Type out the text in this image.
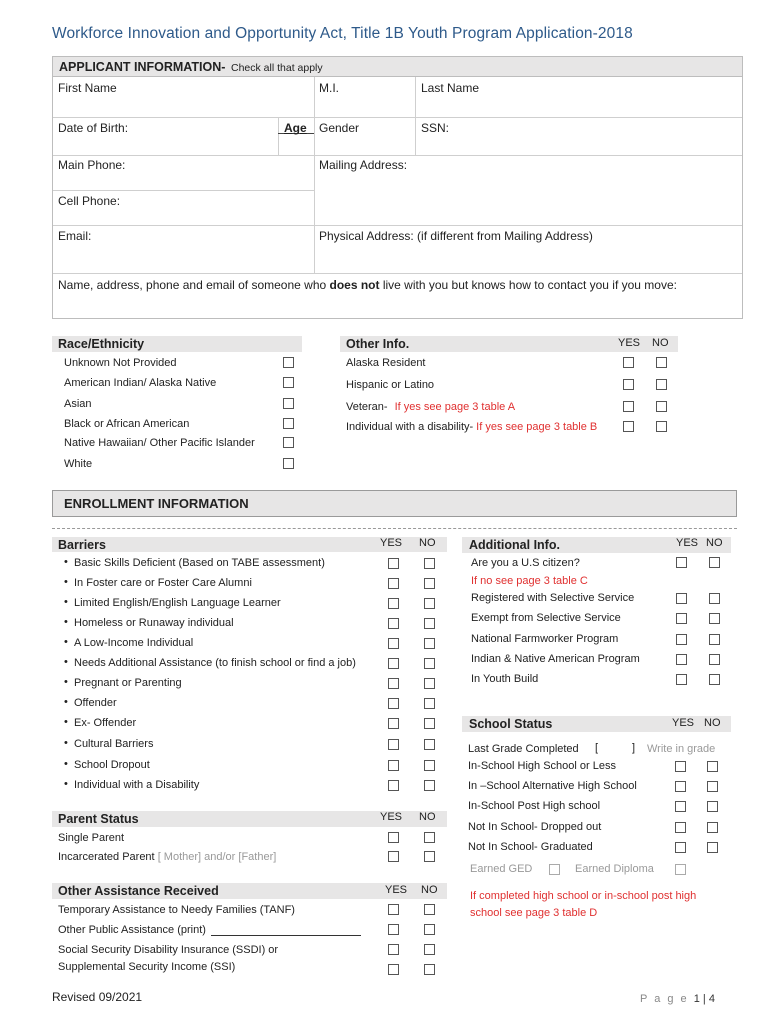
Workforce Innovation and Opportunity Act, Title 1B Youth Program Application-2018
APPLICANT INFORMATION- Check all that apply
First Name	M.I.	Last Name
Date of Birth:	Age Gender	SSN:
Main Phone:	Mailing Address:
Cell Phone:
Email:	Physical Address: (if different from Mailing Address)
Name, address, phone and email of someone who does not live with you but knows how to contact you if you move:
Race/Ethnicity
Unknown Not Provided
American Indian/ Alaska Native
Asian
Black or African American
Native Hawaiian/ Other Pacific Islander
White
Other Info.	YES NO
Alaska Resident
Hispanic or Latino
Veteran- If yes see page 3 table A
Individual with a disability- If yes see page 3 table B
ENROLLMENT INFORMATION
Barriers	YES NO
• Basic Skills Deficient (Based on TABE assessment)
• In Foster care or Foster Care Alumni
• Limited English/English Language Learner
• Homeless or Runaway individual
• A Low-Income Individual
• Needs Additional Assistance (to finish school or find a job)
• Pregnant or Parenting
• Offender
• Ex- Offender
• Cultural Barriers
• School Dropout
• Individual with a Disability
Parent Status	YES NO
Single Parent
Incarcerated Parent [ Mother] and/or [Father]
Other Assistance Received	YES NO
Temporary Assistance to Needy Families (TANF)
Other Public Assistance (print)
Social Security Disability Insurance (SSDI) or
Supplemental Security Income (SSI)
Additional Info.	YES NO
Are you a U.S citizen?
If no see page 3 table C
Registered with Selective Service
Exempt from Selective Service
National Farmworker Program
Indian & Native American Program
In Youth Build
School Status	YES NO
Last Grade Completed [	] Write in grade
In-School High School or Less
In –School Alternative High School
In-School Post High school
Not In School- Dropped out
Not In School- Graduated
Earned GED	Earned Diploma
If completed high school or in-school post high
school see page 3 table D
Revised 09/2021	P a g e 1 | 4
